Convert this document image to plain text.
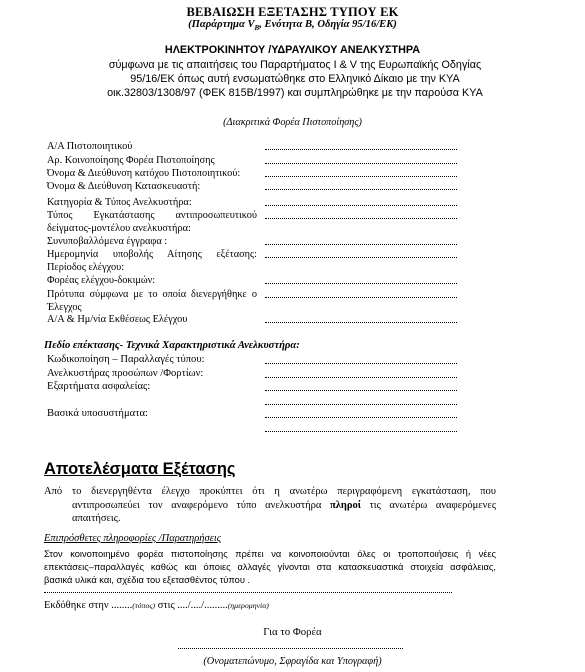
ΒΕΒΑΙΩΣΗ ΕΞΕΤΑΣΗΣ ΤΥΠΟΥ ΕΚ
(Παράρτημα $V_B$, Ενότητα Β, Οδηγία 95/16/ΕΚ)
ΗΛΕΚΤΡΟΚΙΝΗΤΟΥ /ΥΔΡΑΥΛΙΚΟΥ ΑΝΕΛΚΥΣΤΗΡΑ
σύμφωνα με τις απαιτήσεις του Παραρτήματος Ι & V της Ευρωπαϊκής Οδηγίας
95/16/ΕΚ όπως αυτή ενσωματώθηκε στο Ελληνικό Δίκαιο με την ΚΥΑ
οικ.32803/1308/97 (ΦΕΚ 815Β/1997) και συμπληρώθηκε με την παρούσα ΚΥΑ
(Διακριτικά Φορέα Πιστοποίησης)
Α/Α Πιστοποιητικού
Αρ. Κοινοποίησης Φορέα Πιστοποίησης
Όνομα & Διεύθυνση κατόχου Πιστοποιητικού:
Όνομα & Διεύθυνση Κατασκευαστή:
Κατηγορία & Τύπος Ανελκυστήρα:
Τύπος Εγκατάστασης αντιπροσωπευτικού δείγματος-μοντέλου ανελκυστήρα:
Συνυποβαλλόμενα έγγραφα :
Ημερομηνία υποβολής Αίτησης εξέτασης:
Περίοδος ελέγχου:
Φορέας ελέγχου-δοκιμών:
Πρότυπα σύμφωνα με το οποία διενεργήθηκε ο Έλεγχος
Α/Α & Ημ/νία Εκθέσεως Ελέγχου
Πεδίο επέκτασης- Τεχνικά Χαρακτηριστικά Ανελκυστήρα:
Κωδικοποίηση – Παραλλαγές τύπου:
Ανελκυστήρας προσώπων /Φορτίων:
Εξαρτήματα ασφαλείας:
Βασικά υποσυστήματα:
Αποτελέσματα Εξέτασης
Από το διενεργηθέντα έλεγχο προκύπτει ότι η ανωτέρω περιγραφόμενη εγκατάσταση, που
αντιπροσωπεύει τον αναφερόμενο τύπο ανελκυστήρα πληροί τις ανωτέρω αναφερόμενες
απαιτήσεις.
Επιπρόσθετες πληροφορίες /Παρατηρήσεις
Στον κοινοποιημένο φορέα πιστοποίησης πρέπει να κοινοποιούνται όλες οι τροποποιήσεις ή νέες
επεκτάσεις–παραλλαγές καθώς και όποιες αλλαγές γίνονται στα κατασκευαστικά στοιχεία ασφάλειας,
βασικά υλικά και, σχέδια του εξετασθέντος τύπου .
Εκδόθηκε στην ........(τόπος) στις ..../..../.........(ημερομηνία)
Για το Φορέα
(Ονοματεπώνυμο, Σφραγίδα και Υπογραφή)
